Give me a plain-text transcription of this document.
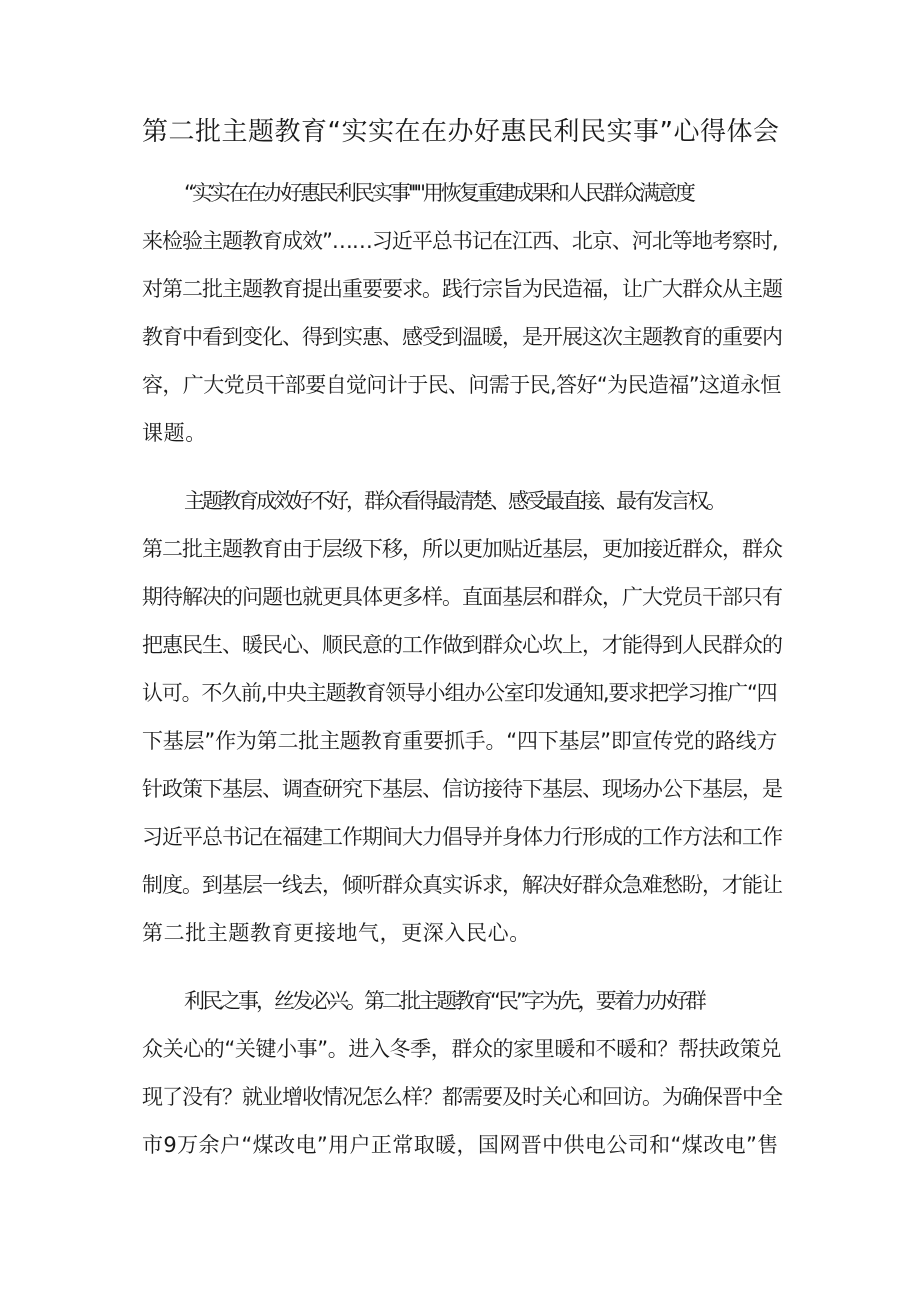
第二批主题教育“实实在在办好惠民利民实事”心得体会
“实实在在办好惠民利民实事'''"用恢复重建成果和人民群众满意度
来检验主题教育成效”……习近平总书记在江西、北京、河北等地考察时,
对第二批主题教育提出重要要求。践行宗旨为民造福，让广大群众从主题
教育中看到变化、得到实惠、感受到温暖，是开展这次主题教育的重要内
容，广大党员干部要自觉问计于民、问需于民,答好“为民造福”这道永恒
课题。
主题教育成效好不好，群众看得最清楚、感受最直接、最有发言权。
第二批主题教育由于层级下移，所以更加贴近基层，更加接近群众，群众
期待解决的问题也就更具体更多样。直面基层和群众，广大党员干部只有
把惠民生、暖民心、顺民意的工作做到群众心坎上，才能得到人民群众的
认可。不久前,中央主题教育领导小组办公室印发通知,要求把学习推广“四
下基层”作为第二批主题教育重要抓手。“四下基层”即宣传党的路线方
针政策下基层、调查研究下基层、信访接待下基层、现场办公下基层，是
习近平总书记在福建工作期间大力倡导并身体力行形成的工作方法和工作
制度。到基层一线去，倾听群众真实诉求，解决好群众急难愁盼，才能让
第二批主题教育更接地气，更深入民心。
利民之事，丝发必兴。第二批主题教育“民”字为先，要着力办好群
众关心的“关键小事”。进入冬季，群众的家里暖和不暖和？帮扶政策兑
现了没有？就业增收情况怎么样？都需要及时关心和回访。为确保晋中全
市9万余户“煤改电”用户正常取暖，国网晋中供电公司和“煤改电”售
